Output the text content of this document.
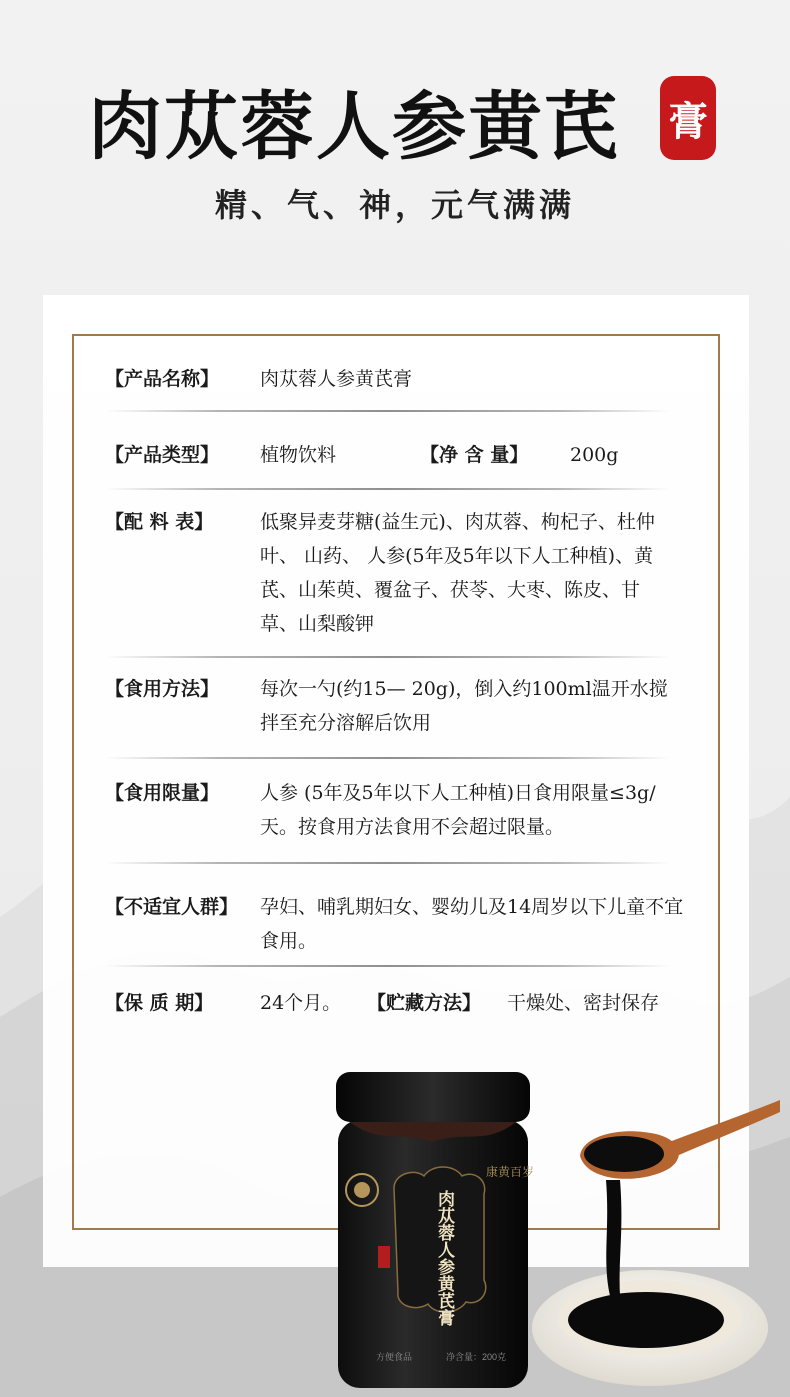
肉苁蓉人参黄芪 膏
精、气、神，元气满满
【产品名称】 肉苁蓉人参黄芪膏
【产品类型】 植物饮料	【净 含 量】 200g
【配 料 表】 低聚异麦芽糖(益生元)、肉苁蓉、枸杞子、杜仲叶、 山药、 人参(5年及5年以下人工种植)、黄芪、山茱萸、覆盆子、茯苓、大枣、陈皮、甘草、山梨酸钾
【食用方法】 每次一勺(约15— 20g)，倒入约100ml温开水搅拌至充分溶解后饮用
【食用限量】 人参 (5年及5年以下人工种植)日食用限量≤3g/天。按食用方法食用不会超过限量。
【不适宜人群】 孕妇、哺乳期妇女、婴幼儿及14周岁以下儿童不宜食用。
【保 质 期】 24个月。 【贮藏方法】 干燥处、密封保存
康黄百岁
肉苁蓉人参黄芪膏
方便食品	净含量：200克
